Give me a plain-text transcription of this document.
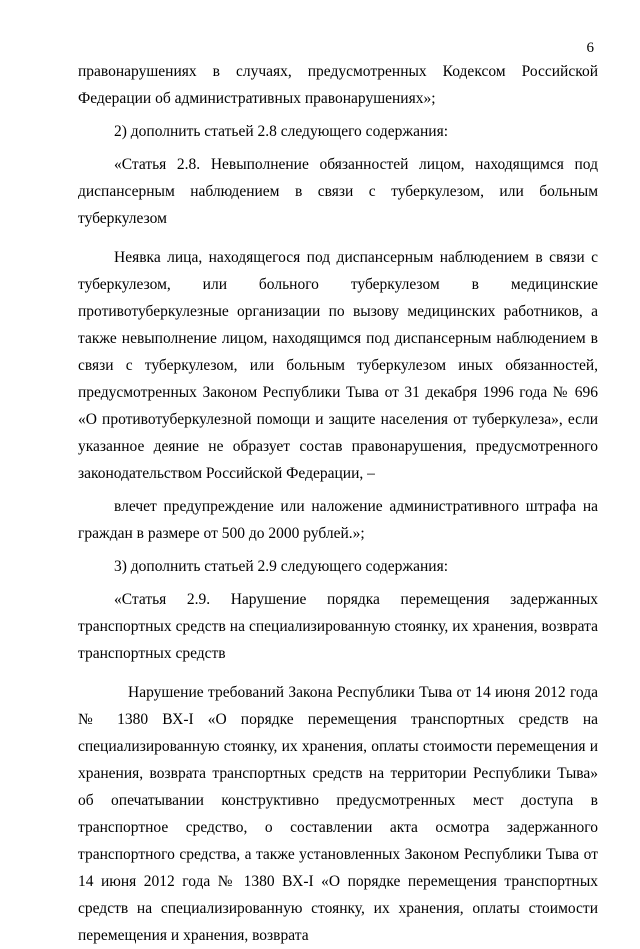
6

правонарушениях в случаях, предусмотренных Кодексом Российской Федерации об административных правонарушениях»;

2) дополнить статьей 2.8 следующего содержания:

«Статья 2.8. Невыполнение обязанностей лицом, находящимся под диспансерным наблюдением в связи с туберкулезом, или больным туберкулезом

Неявка лица, находящегося под диспансерным наблюдением в связи с туберкулезом, или больного туберкулезом в медицинские противотуберкулезные организации по вызову медицинских работников, а также невыполнение лицом, находящимся под диспансерным наблюдением в связи с туберкулезом, или больным туберкулезом иных обязанностей, предусмотренных Законом Республики Тыва от 31 декабря 1996 года № 696 «О противотуберкулезной помощи и защите населения от туберкулеза», если указанное деяние не образует состав правонарушения, предусмотренного законодательством Российской Федерации, –

влечет предупреждение или наложение административного штрафа на граждан в размере от 500 до 2000 рублей.»;

3) дополнить статьей 2.9 следующего содержания:

«Статья 2.9. Нарушение порядка перемещения задержанных транспортных средств на специализированную стоянку, их хранения, возврата транспортных средств

Нарушение требований Закона Республики Тыва от 14 июня 2012 года № 1380 ВХ-I «О порядке перемещения транспортных средств на специализированную стоянку, их хранения, оплаты стоимости перемещения и хранения, возврата транспортных средств на территории Республики Тыва» об опечатывании конструктивно предусмотренных мест доступа в транспортное средство, о составлении акта осмотра задержанного транспортного средства, а также установленных Законом Республики Тыва от 14 июня 2012 года № 1380 ВХ-I «О порядке перемещения транспортных средств на специализированную стоянку, их хранения, оплаты стоимости перемещения и хранения, возврата
